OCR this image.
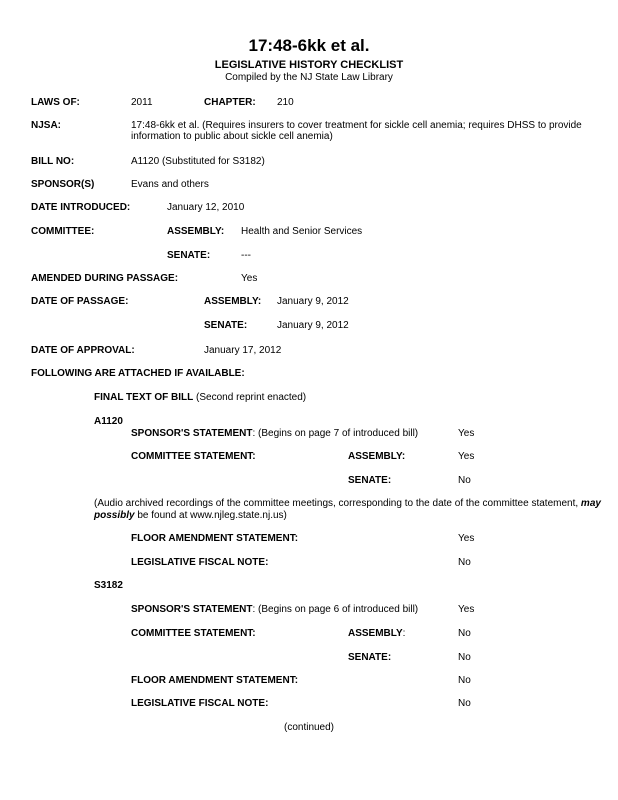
17:48-6kk et al.
LEGISLATIVE HISTORY CHECKLIST
Compiled by the NJ State Law Library
LAWS OF:	2011	CHAPTER: 210
NJSA:	17:48-6kk et al. (Requires insurers to cover treatment for sickle cell anemia; requires DHSS to provide
information to public about sickle cell anemia)
BILL NO:	A1120 (Substituted for S3182)
SPONSOR(S)	Evans and others
DATE INTRODUCED:	January 12, 2010
COMMITTEE:	ASSEMBLY: Health and Senior Services
SENATE:	---
AMENDED DURING PASSAGE:	Yes
DATE OF PASSAGE:	ASSEMBLY: January 9, 2012
SENATE:	January 9, 2012
DATE OF APPROVAL:	January 17, 2012
FOLLOWING ARE ATTACHED IF AVAILABLE:
FINAL TEXT OF BILL (Second reprint enacted)
A1120
SPONSOR'S STATEMENT: (Begins on page 7 of introduced bill)	Yes
COMMITTEE STATEMENT:	ASSEMBLY:	Yes
SENATE:	No
(Audio archived recordings of the committee meetings, corresponding to the date of the committee statement, may
possibly be found at www.njleg.state.nj.us)
FLOOR AMENDMENT STATEMENT:	Yes
LEGISLATIVE FISCAL NOTE:	No
S3182
SPONSOR'S STATEMENT: (Begins on page 6 of introduced bill)	Yes
COMMITTEE STATEMENT:	ASSEMBLY:	No
SENATE:	No
FLOOR AMENDMENT STATEMENT:	No
LEGISLATIVE FISCAL NOTE:	No
(continued)
